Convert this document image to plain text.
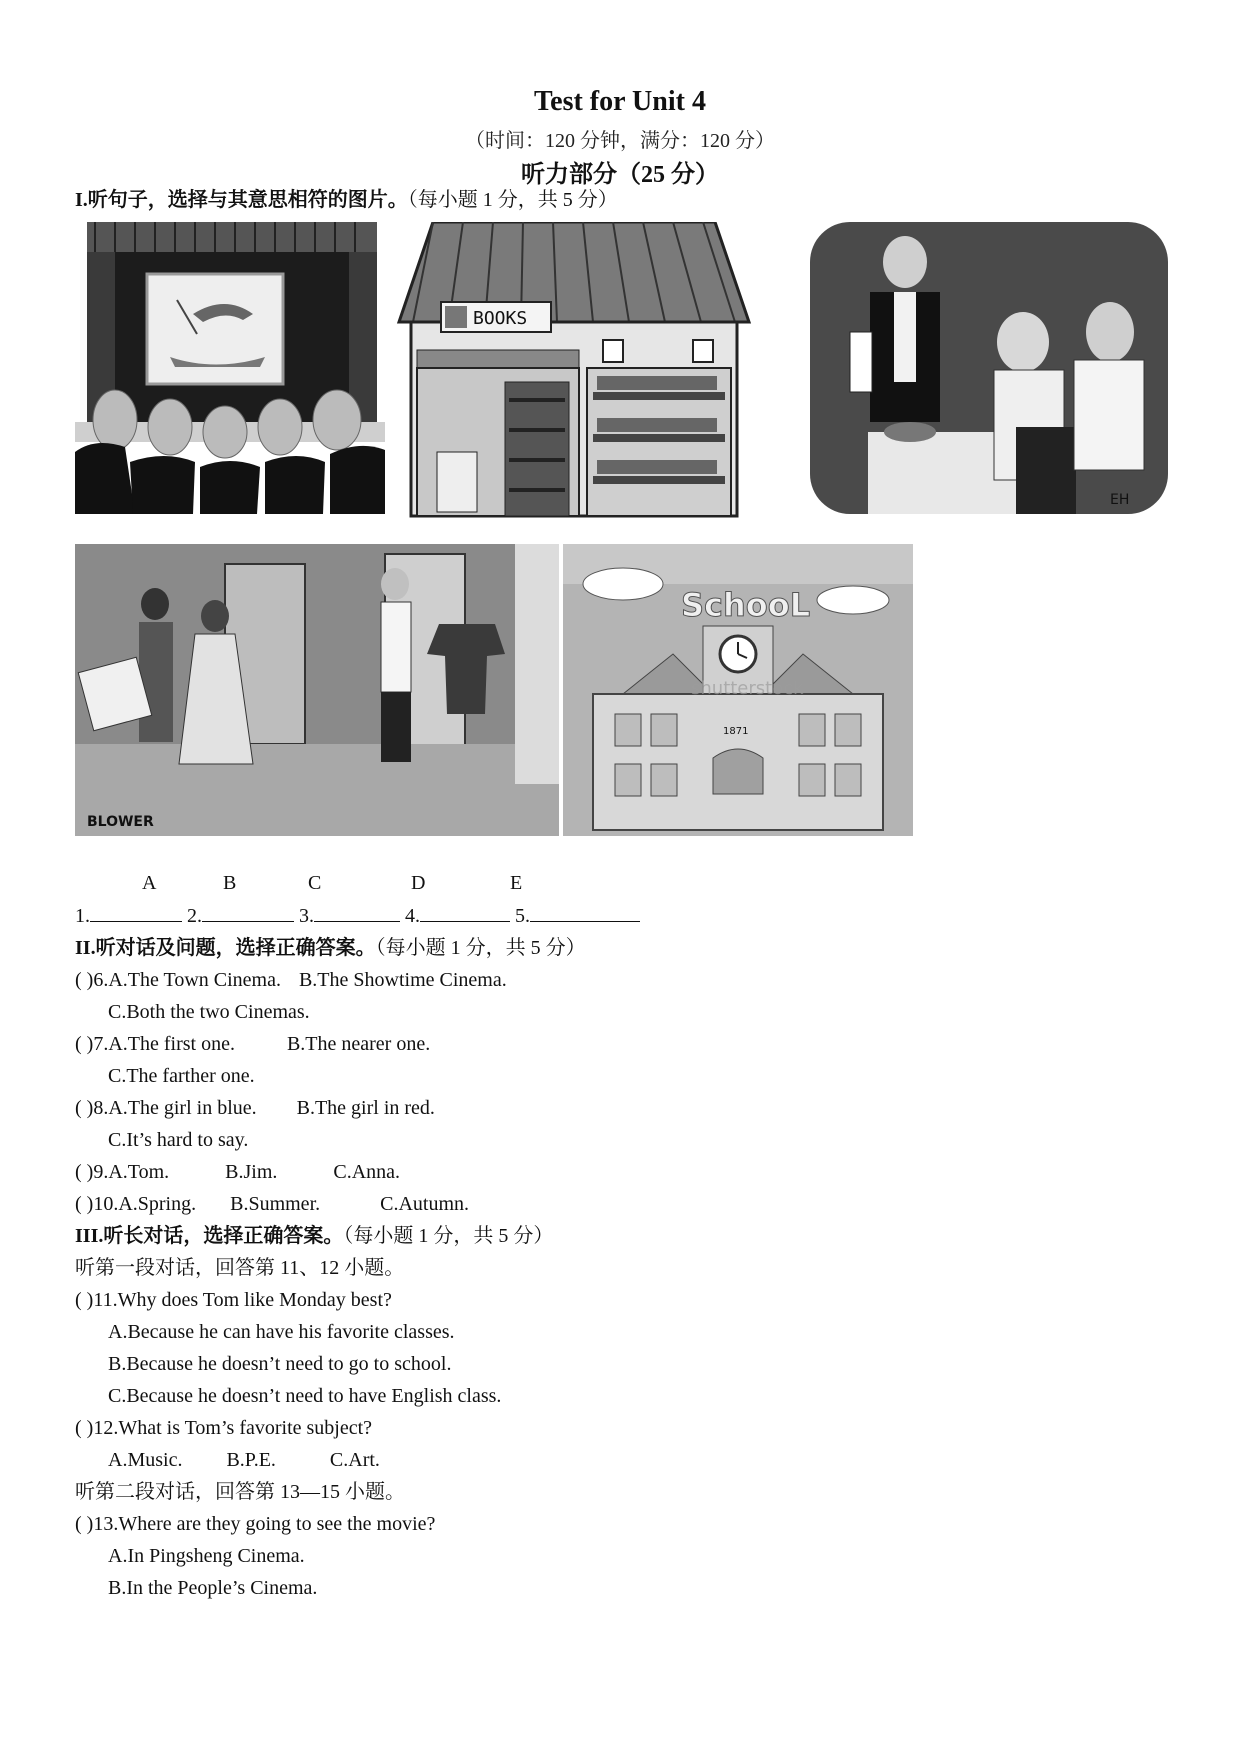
Test for Unit 4
（时间：120 分钟，满分：120 分）
听力部分（25 分）
I.听句子，选择与其意思相符的图片。（每小题 1 分，共 5 分）
BOOKS
EH
BLOWER
SchooL
1871
shutterstock
A	B	C	D	E
1.	2.	3.	4.	5.
II.听对话及问题，选择正确答案。（每小题 1 分，共 5 分）
( )6.A.The Town Cinema. B.The Showtime Cinema.
C.Both the two Cinemas.
( )7.A.The first one.	B.The nearer one.
C.The farther one.
( )8.A.The girl in blue. B.The girl in red.
C.It’s hard to say.
( )9.A.Tom.	B.Jim.	C.Anna.
( )10.A.Spring. B.Summer.	C.Autumn.
III.听长对话，选择正确答案。（每小题 1 分，共 5 分）
听第一段对话，回答第 11、12 小题。
( )11.Why does Tom like Monday best?
A.Because he can have his favorite classes.
B.Because he doesn’t need to go to school.
C.Because he doesn’t need to have English class.
( )12.What is Tom’s favorite subject?
A.Music. B.P.E.	C.Art.
听第二段对话，回答第 13—15 小题。
( )13.Where are they going to see the movie?
A.In Pingsheng Cinema.
B.In the People’s Cinema.
